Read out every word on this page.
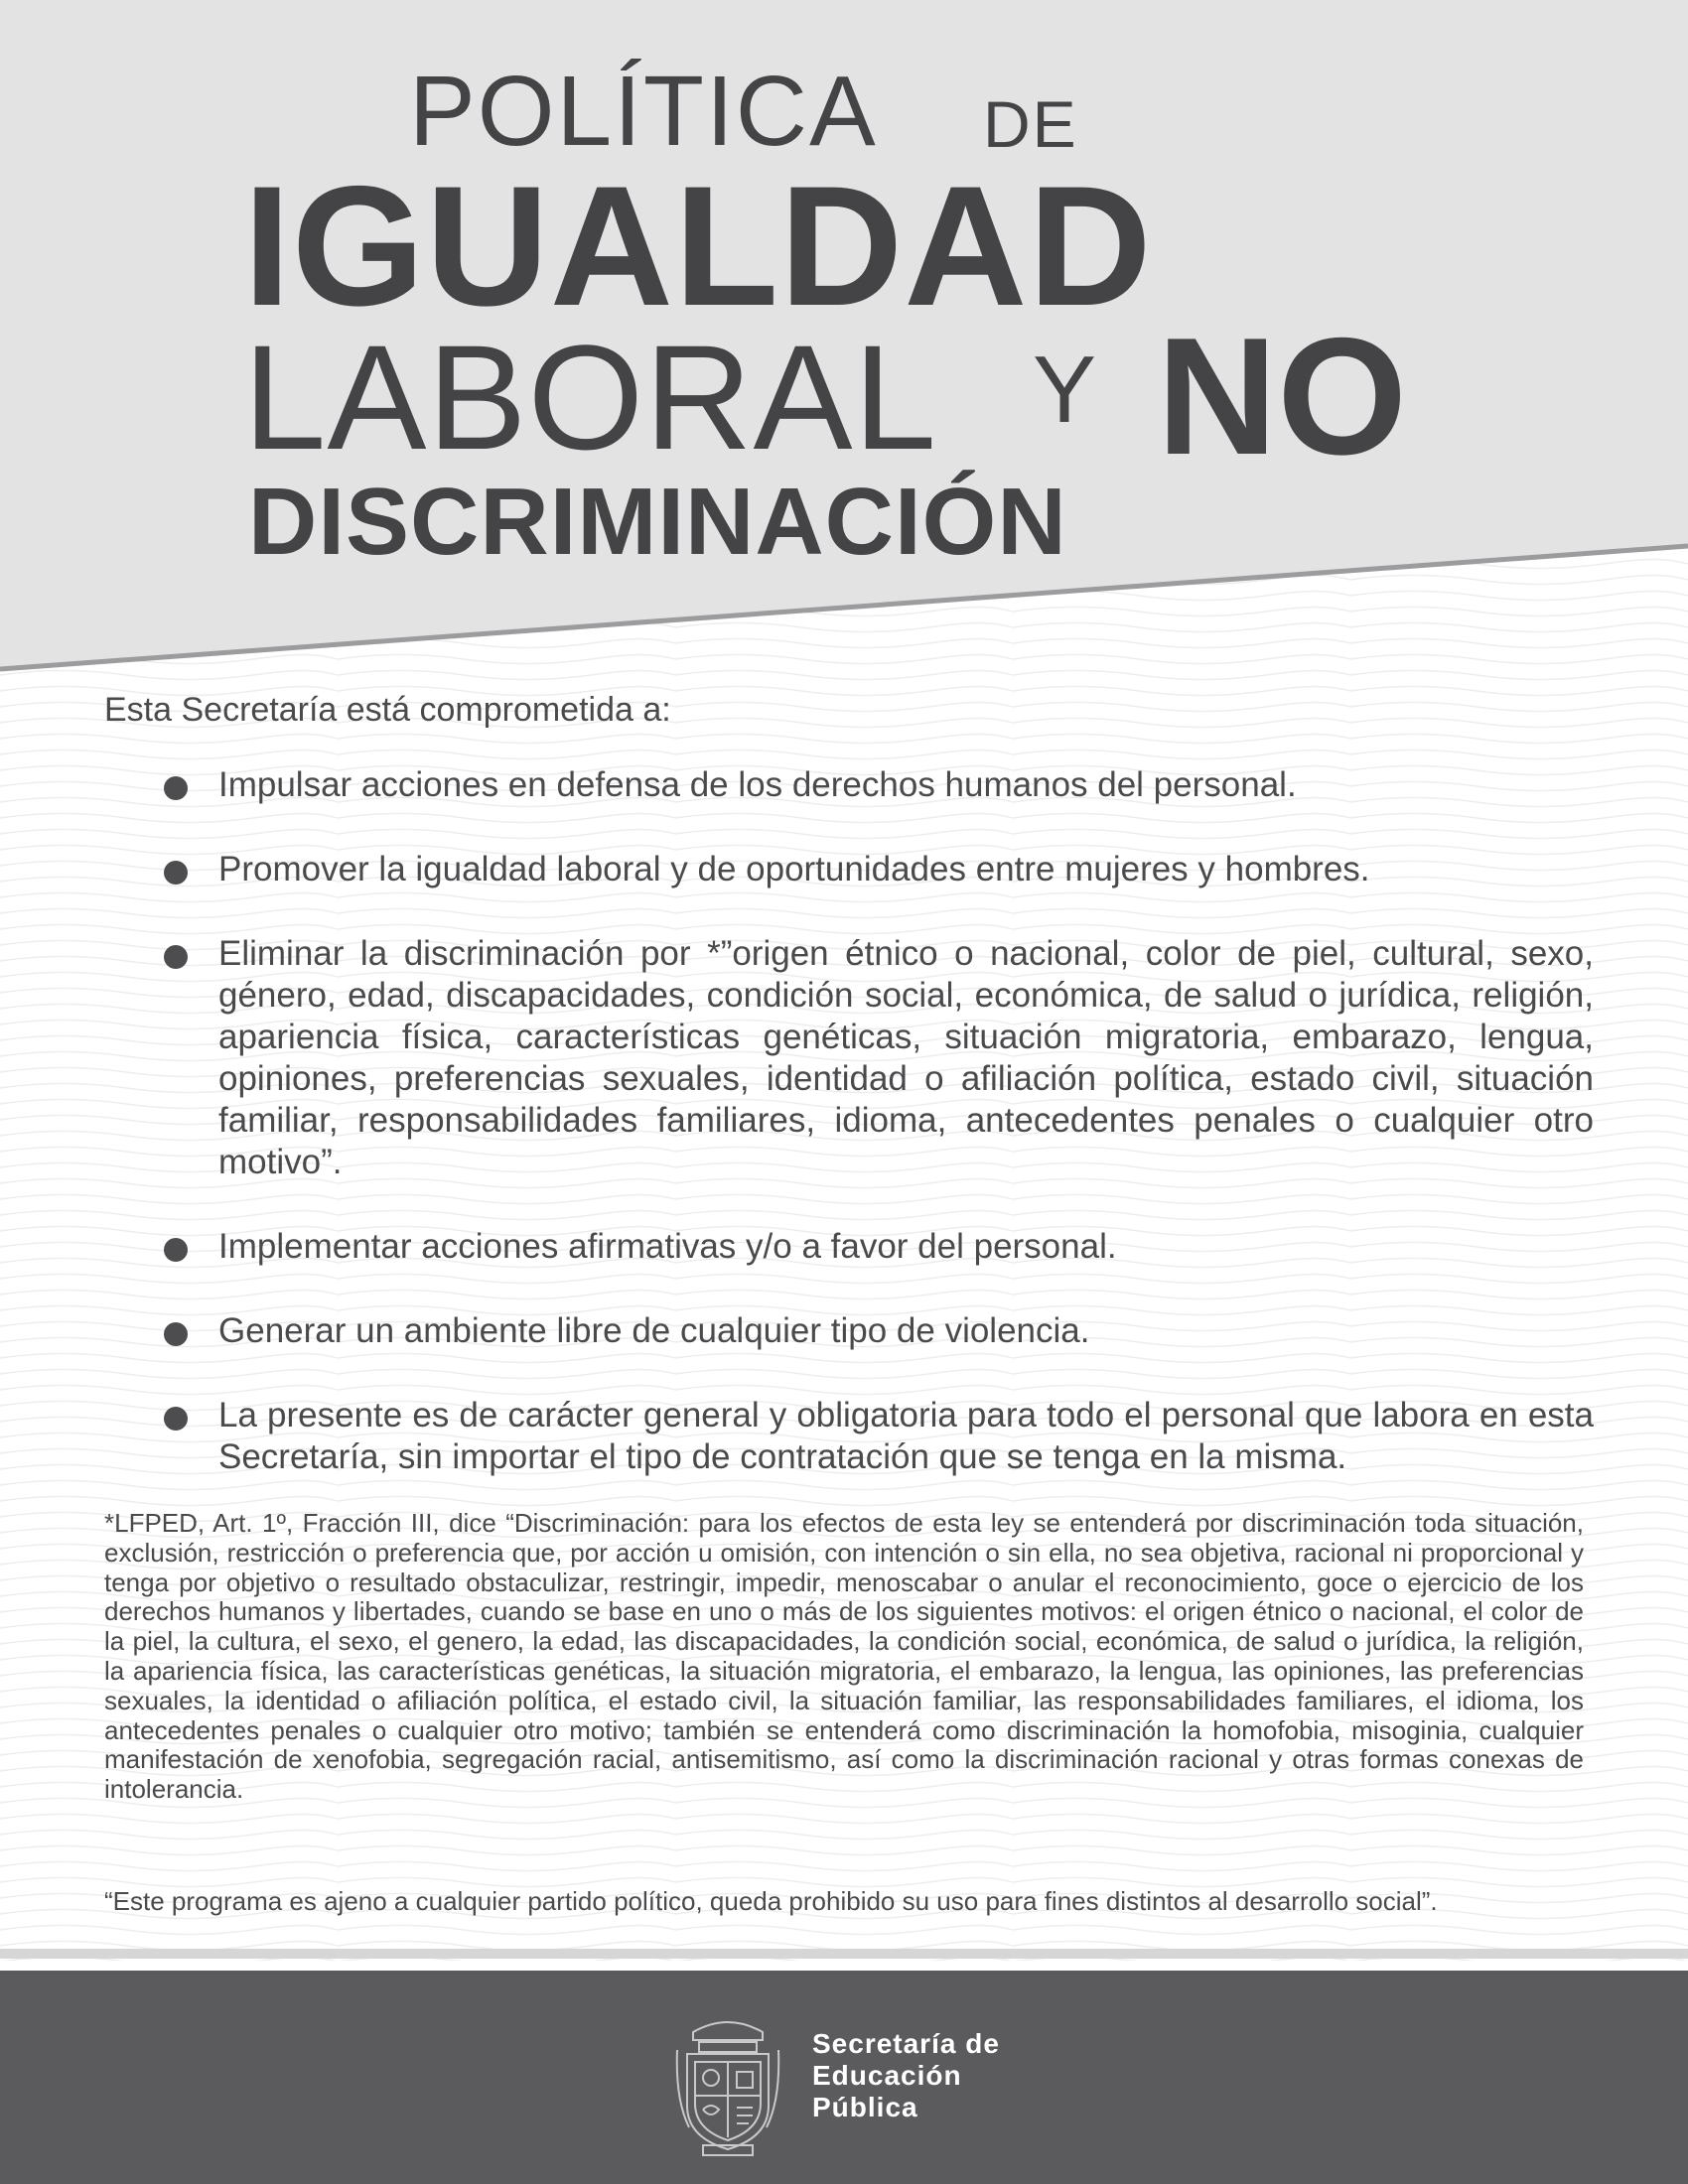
POLÍTICA DE
IGUALDAD
LABORAL Y NO
DISCRIMINACIÓN
Esta Secretaría está comprometida a:
Impulsar acciones en defensa de los derechos humanos del personal.
Promover la igualdad laboral y de oportunidades entre mujeres y hombres.
Eliminar la discriminación por *”origen étnico o nacional, color de piel, cultural, sexo, género, edad, discapacidades, condición social, económica, de salud o jurídica, religión, apariencia física, características genéticas, situación migratoria, embarazo, lengua, opiniones, preferencias sexuales, identidad o afiliación política, estado civil, situación familiar, responsabilidades familiares, idioma, antecedentes penales o cualquier otro motivo”.
Implementar acciones afirmativas y/o a favor del personal.
Generar un ambiente libre de cualquier tipo de violencia.
La presente es de carácter general y obligatoria para todo el personal que labora en esta Secretaría, sin importar el tipo de contratación que se tenga en la misma.

*LFPED, Art. 1º, Fracción III, dice “Discriminación: para los efectos de esta ley se entenderá por discriminación toda situación, exclusión, restricción o preferencia que, por acción u omisión, con intención o sin ella, no sea objetiva, racional ni proporcional y tenga por objetivo o resultado obstaculizar, restringir, impedir, menoscabar o anular el reconocimiento, goce o ejercicio de los derechos humanos y libertades, cuando se base en uno o más de los siguientes motivos: el origen étnico o nacional, el color de la piel, la cultura, el sexo, el genero, la edad, las discapacidades, la condición social, económica, de salud o jurídica, la religión, la apariencia física, las características genéticas, la situación migratoria, el embarazo, la lengua, las opiniones, las preferencias sexuales, la identidad o afiliación política, el estado civil, la situación familiar, las responsabilidades familiares, el idioma, los antecedentes penales o cualquier otro motivo; también se entenderá como discriminación la homofobia, misoginia, cualquier manifestación de xenofobia, segregación racial, antisemitismo, así como la discriminación racional y otras formas conexas de intolerancia.

“Este programa es ajeno a cualquier partido político, queda prohibido su uso para fines distintos al desarrollo social”.

Secretaría de
Educación
Pública
